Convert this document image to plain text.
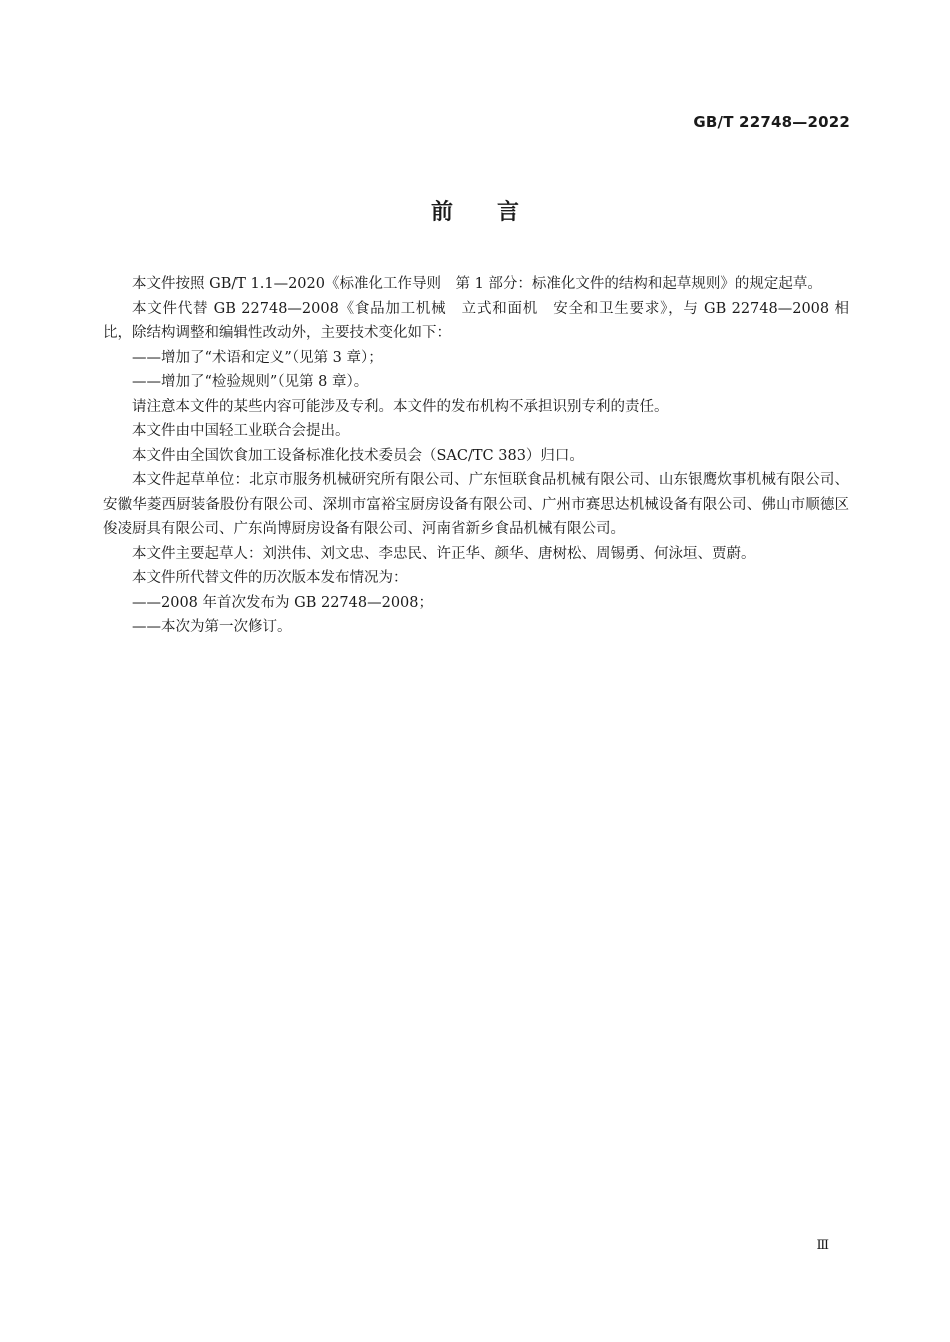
GB/T 22748—2022
前言

本文件按照 GB/T 1.1—2020《标准化工作导则　第 1 部分：标准化文件的结构和起草规则》的规定起草。

本文件代替 GB 22748—2008《食品加工机械　立式和面机　安全和卫生要求》，与 GB 22748—2008 相比，除结构调整和编辑性改动外，主要技术变化如下：

——增加了“术语和定义”（见第 3 章）；

——增加了“检验规则”（见第 8 章）。

请注意本文件的某些内容可能涉及专利。本文件的发布机构不承担识别专利的责任。

本文件由中国轻工业联合会提出。

本文件由全国饮食加工设备标准化技术委员会（SAC/TC 383）归口。

本文件起草单位：北京市服务机械研究所有限公司、广东恒联食品机械有限公司、山东银鹰炊事机械有限公司、安徽华菱西厨装备股份有限公司、深圳市富裕宝厨房设备有限公司、广州市赛思达机械设备有限公司、佛山市顺德区俊凌厨具有限公司、广东尚博厨房设备有限公司、河南省新乡食品机械有限公司。

本文件主要起草人：刘洪伟、刘文忠、李忠民、许正华、颜华、唐树松、周锡勇、何泳垣、贾蔚。

本文件所代替文件的历次版本发布情况为：

——2008 年首次发布为 GB 22748—2008；

——本次为第一次修订。

Ⅲ
